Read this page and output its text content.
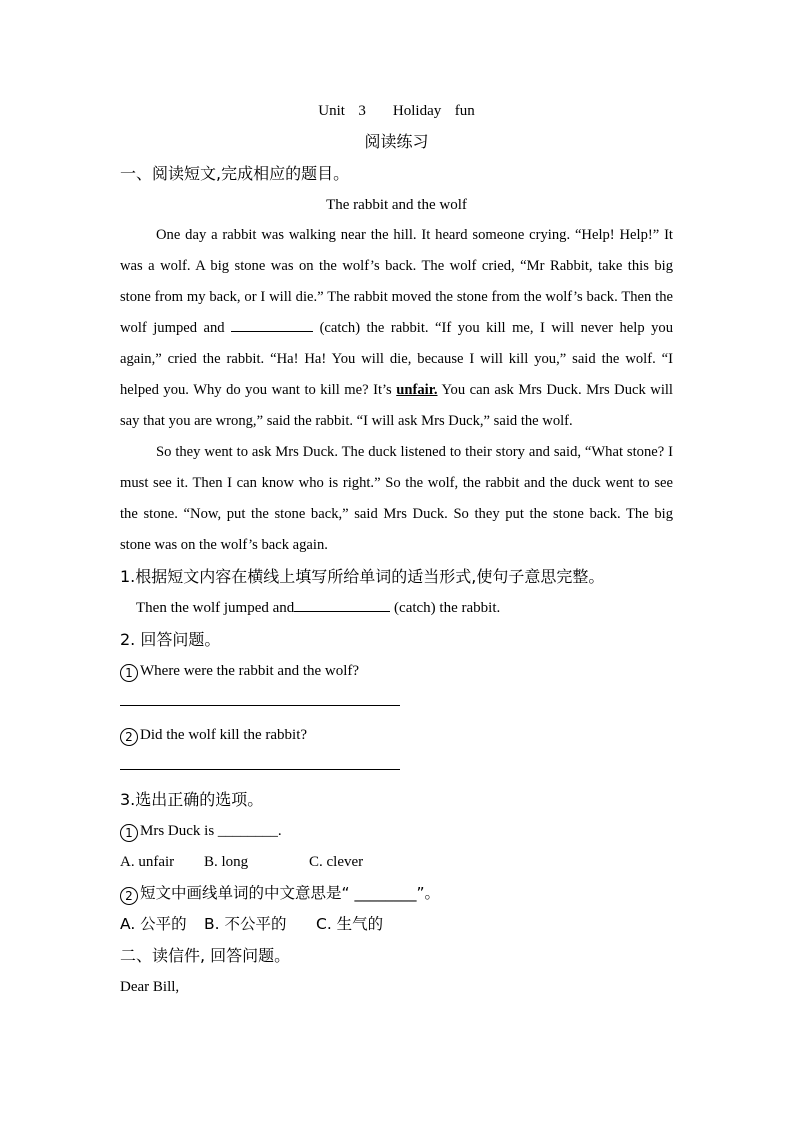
Unit  3    Holiday  fun
阅读练习
一、阅读短文,完成相应的题目。
The rabbit and the wolf

One day a rabbit was walking near the hill. It heard someone crying. “Help! Help!” It was a wolf. A big stone was on the wolf’s back. The wolf cried, “Mr Rabbit, take this big stone from my back, or I will die.” The rabbit moved the stone from the wolf’s back. Then the wolf jumped and	(catch) the rabbit. “If you kill me, I will never help you again,” cried the rabbit. “Ha! Ha! You will die, because I will kill you,” said the wolf. “I helped you. Why do you want to kill me? It’s unfair. You can ask Mrs Duck. Mrs Duck will say that you are wrong,” said the rabbit. “I will ask Mrs Duck,” said the wolf.

So they went to ask Mrs Duck. The duck listened to their story and said, “What stone? I must see it. Then I can know who is right.” So the wolf, the rabbit and the duck went to see the stone. “Now, put the stone back,” said Mrs Duck. So they put the stone back. The big stone was on the wolf’s back again.

1.根据短文内容在横线上填写所给单词的适当形式,使句子意思完整。
Then the wolf jumped and	(catch) the rabbit.
2. 回答问题。
1 Where were the rabbit and the wolf?
2 Did the wolf kill the rabbit?
3.选出正确的选项。
1 Mrs Duck is ________.
A. unfair B. long	C. clever
2 短文中画线单词的中文意思是“ ________”。
A. 公平的 B. 不公平的 C. 生气的
二、读信件, 回答问题。
Dear Bill,
